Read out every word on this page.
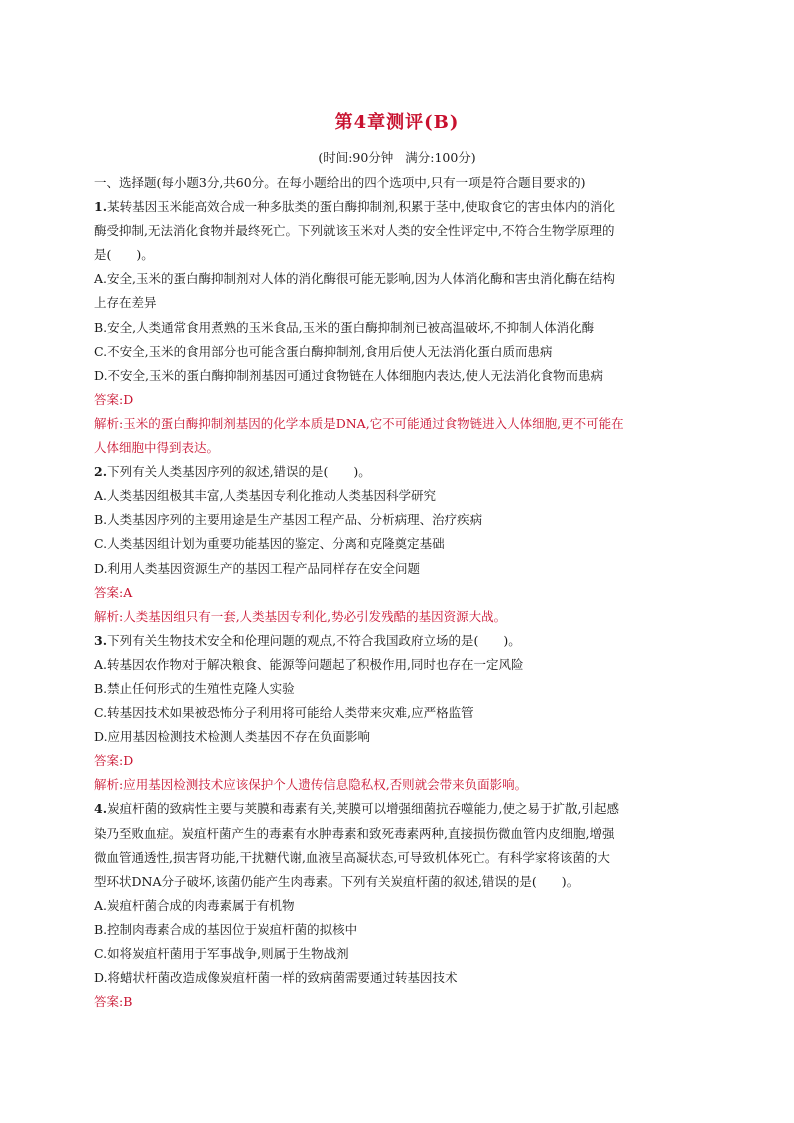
第4章测评(B)
(时间:90分钟   满分:100分)
一、选择题(每小题3分,共60分。在每小题给出的四个选项中,只有一项是符合题目要求的)
1.某转基因玉米能高效合成一种多肽类的蛋白酶抑制剂,积累于茎中,使取食它的害虫体内的消化
酶受抑制,无法消化食物并最终死亡。下列就该玉米对人类的安全性评定中,不符合生物学原理的
是(　　)。
A.安全,玉米的蛋白酶抑制剂对人体的消化酶很可能无影响,因为人体消化酶和害虫消化酶在结构
上存在差异
B.安全,人类通常食用煮熟的玉米食品,玉米的蛋白酶抑制剂已被高温破坏,不抑制人体消化酶
C.不安全,玉米的食用部分也可能含蛋白酶抑制剂,食用后使人无法消化蛋白质而患病
D.不安全,玉米的蛋白酶抑制剂基因可通过食物链在人体细胞内表达,使人无法消化食物而患病
答案:D
解析:玉米的蛋白酶抑制剂基因的化学本质是DNA,它不可能通过食物链进入人体细胞,更不可能在
人体细胞中得到表达。
2.下列有关人类基因序列的叙述,错误的是(　　)。
A.人类基因组极其丰富,人类基因专利化推动人类基因科学研究
B.人类基因序列的主要用途是生产基因工程产品、分析病理、治疗疾病
C.人类基因组计划为重要功能基因的鉴定、分离和克隆奠定基础
D.利用人类基因资源生产的基因工程产品同样存在安全问题
答案:A
解析:人类基因组只有一套,人类基因专利化,势必引发残酷的基因资源大战。
3.下列有关生物技术安全和伦理问题的观点,不符合我国政府立场的是(　　)。
A.转基因农作物对于解决粮食、能源等问题起了积极作用,同时也存在一定风险
B.禁止任何形式的生殖性克隆人实验
C.转基因技术如果被恐怖分子利用将可能给人类带来灾难,应严格监管
D.应用基因检测技术检测人类基因不存在负面影响
答案:D
解析:应用基因检测技术应该保护个人遗传信息隐私权,否则就会带来负面影响。
4.炭疽杆菌的致病性主要与荚膜和毒素有关,荚膜可以增强细菌抗吞噬能力,使之易于扩散,引起感
染乃至败血症。炭疽杆菌产生的毒素有水肿毒素和致死毒素两种,直接损伤微血管内皮细胞,增强
微血管通透性,损害肾功能,干扰糖代谢,血液呈高凝状态,可导致机体死亡。有科学家将该菌的大
型环状DNA分子破坏,该菌仍能产生肉毒素。下列有关炭疽杆菌的叙述,错误的是(　　)。
A.炭疽杆菌合成的肉毒素属于有机物
B.控制肉毒素合成的基因位于炭疽杆菌的拟核中
C.如将炭疽杆菌用于军事战争,则属于生物战剂
D.将蜡状杆菌改造成像炭疽杆菌一样的致病菌需要通过转基因技术
答案:B
